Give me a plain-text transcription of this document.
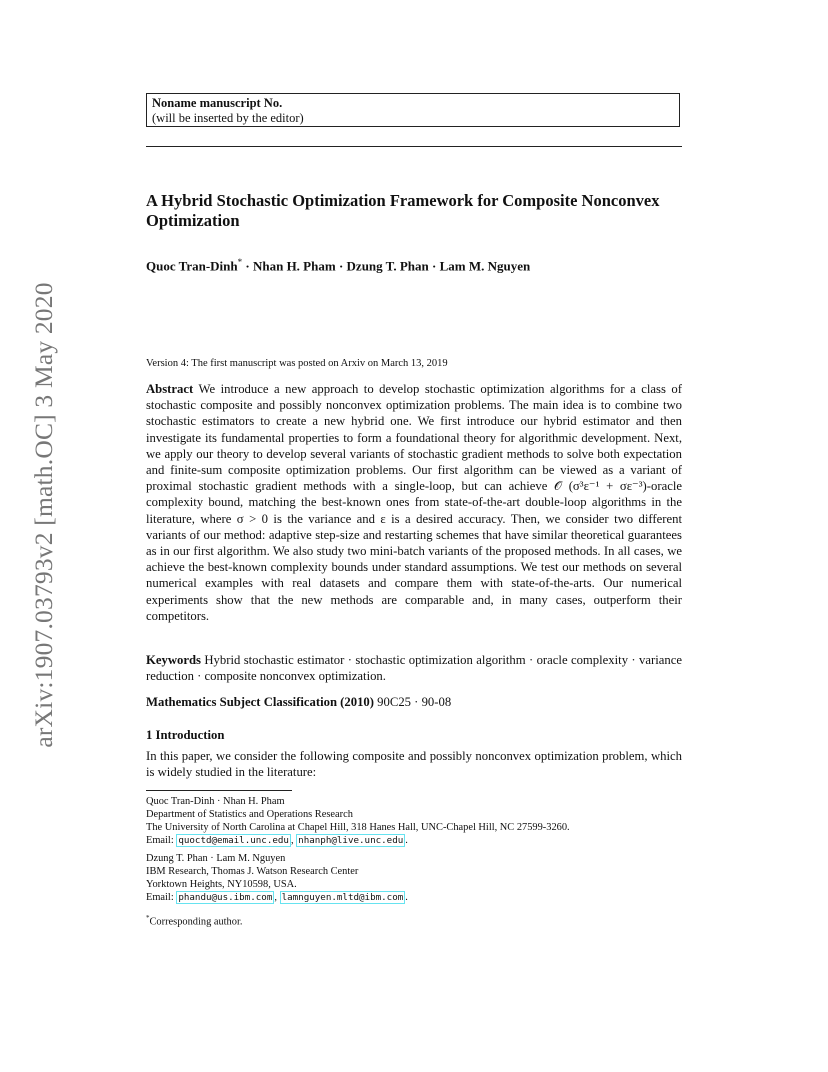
arXiv:1907.03793v2 [math.OC] 3 May 2020
Noname manuscript No.
(will be inserted by the editor)
A Hybrid Stochastic Optimization Framework for Composite Nonconvex Optimization
Quoc Tran-Dinh* · Nhan H. Pham · Dzung T. Phan · Lam M. Nguyen
Version 4: The first manuscript was posted on Arxiv on March 13, 2019
Abstract We introduce a new approach to develop stochastic optimization algorithms for a class of stochastic composite and possibly nonconvex optimization problems. The main idea is to combine two stochastic estimators to create a new hybrid one. We first introduce our hybrid estimator and then investigate its fundamental properties to form a foundational theory for algorithmic development. Next, we apply our theory to develop several variants of stochastic gradient methods to solve both expectation and finite-sum composite optimization problems. Our first algorithm can be viewed as a variant of proximal stochastic gradient methods with a single-loop, but can achieve 𝒪 (σ³ε⁻¹ + σε⁻³)-oracle complexity bound, matching the best-known ones from state-of-the-art double-loop algorithms in the literature, where σ > 0 is the variance and ε is a desired accuracy. Then, we consider two different variants of our method: adaptive step-size and restarting schemes that have similar theoretical guarantees as in our first algorithm. We also study two mini-batch variants of the proposed methods. In all cases, we achieve the best-known complexity bounds under standard assumptions. We test our methods on several numerical examples with real datasets and compare them with state-of-the-arts. Our numerical experiments show that the new methods are comparable and, in many cases, outperform their competitors.
Keywords Hybrid stochastic estimator · stochastic optimization algorithm · oracle complexity · variance reduction · composite nonconvex optimization.
Mathematics Subject Classification (2010) 90C25 · 90-08
1 Introduction
In this paper, we consider the following composite and possibly nonconvex optimization problem, which is widely studied in the literature:
Quoc Tran-Dinh · Nhan H. Pham
Department of Statistics and Operations Research
The University of North Carolina at Chapel Hill, 318 Hanes Hall, UNC-Chapel Hill, NC 27599-3260.
Email: quoctd@email.unc.edu , nhanph@live.unc.edu .
Dzung T. Phan · Lam M. Nguyen
IBM Research, Thomas J. Watson Research Center
Yorktown Heights, NY10598, USA.
Email: phandu@us.ibm.com , lamnguyen.mltd@ibm.com .
*Corresponding author.
